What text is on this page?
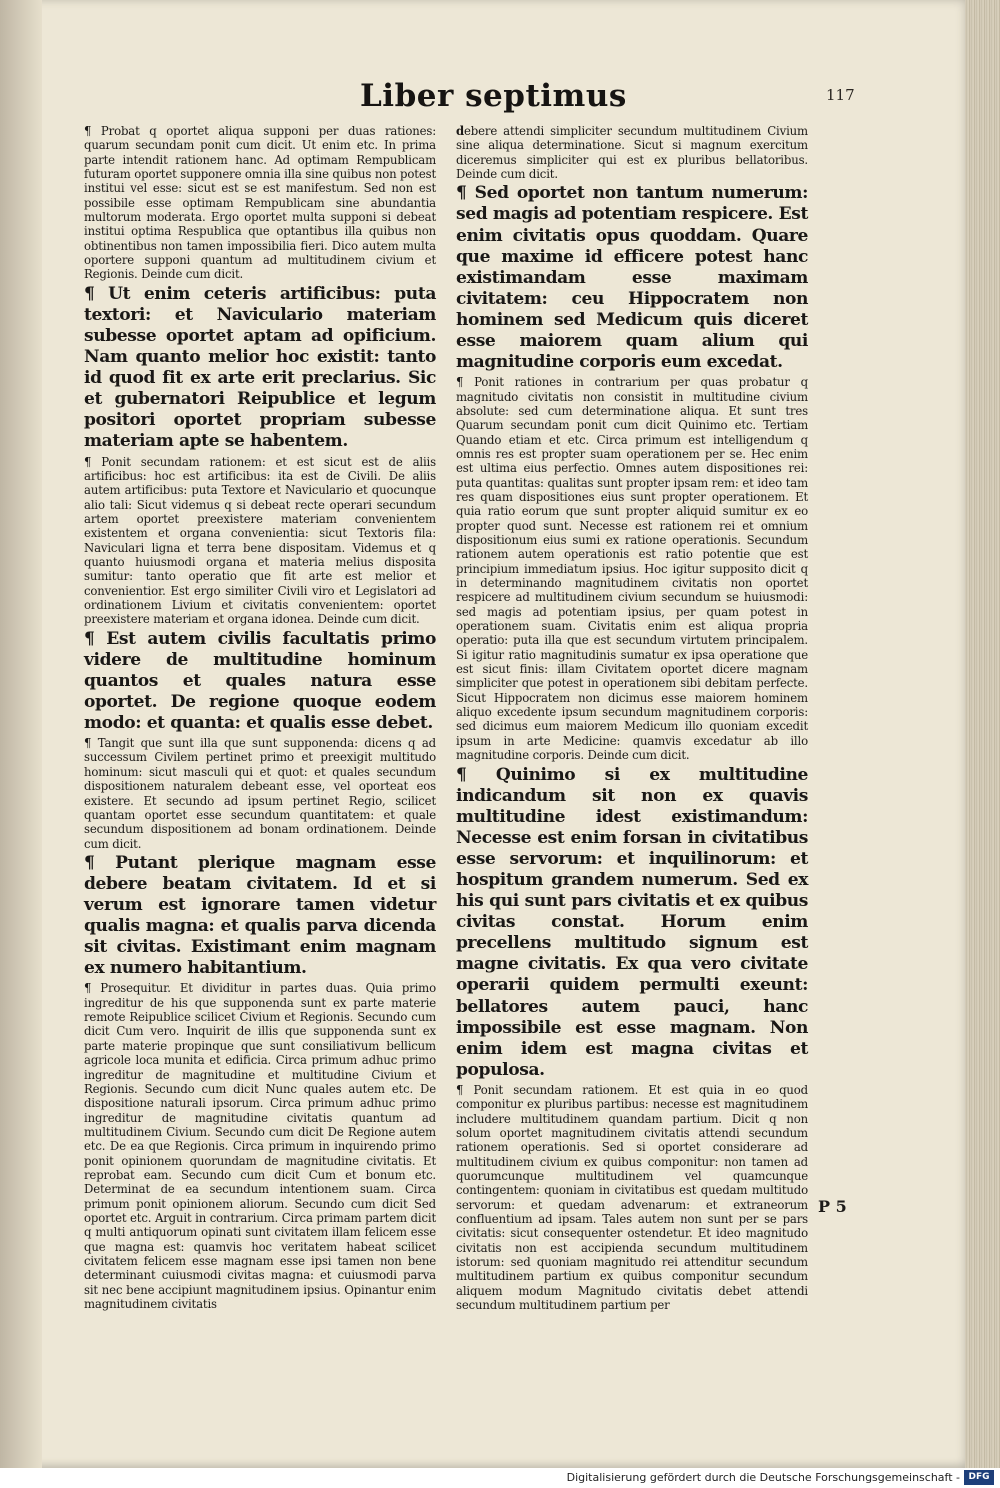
Liber septimus	117

¶ Probat q oportet aliqua supponi per duas rationes: quarum secundam ponit cum dicit. Ut enim etc. In prima parte intendit rationem hanc. Ad optimam Rempublicam futuram oportet supponere omnia illa sine quibus non potest institui vel esse: sicut est se est manifestum. Sed non est possibile esse optimam Rempublicam sine abundantia multorum moderata. Ergo oportet multa supponi si debeat institui optima Respublica que optantibus illa quibus non obtinentibus non tamen impossibilia fieri. Dico autem multa oportere supponi quantum ad multitudinem civium et Regionis. Deinde cum dicit.

¶ Ut enim ceteris artificibus: puta textori: et Naviculario materiam subesse oportet aptam ad opificium. Nam quanto melior hoc existit: tanto id quod fit ex arte erit preclarius. Sic et gubernatori Reipublice et legum positori oportet propriam subesse materiam apte se habentem.

¶ Ponit secundam rationem: et est sicut est de aliis artificibus: hoc est artificibus: ita est de Civili. De aliis autem artificibus: puta Textore et Naviculario et quocunque alio tali: Sicut videmus q si debeat recte operari secundum artem oportet preexistere materiam convenientem existentem et organa convenientia: sicut Textoris fila: Naviculari ligna et terra bene dispositam. Videmus et q quanto huiusmodi organa et materia melius disposita sumitur: tanto operatio que fit arte est melior et convenientior. Est ergo similiter Civili viro et Legislatori ad ordinationem Livium et civitatis convenientem: oportet preexistere materiam et organa idonea. Deinde cum dicit.

¶ Est autem civilis facultatis primo videre de multitudine hominum quantos et quales natura esse oportet. De regione quoque eodem modo: et quanta: et qualis esse debet.

¶ Tangit que sunt illa que sunt supponenda: dicens q ad successum Civilem pertinet primo et preexigit multitudo hominum: sicut masculi qui et quot: et quales secundum dispositionem naturalem debeant esse, vel oporteat eos existere. Et secundo ad ipsum pertinet Regio, scilicet quantam oportet esse secundum quantitatem: et quale secundum dispositionem ad bonam ordinationem. Deinde cum dicit.

¶ Putant plerique magnam esse debere beatam civitatem. Id et si verum est ignorare tamen videtur qualis magna: et qualis parva dicenda sit civitas. Existimant enim magnam ex numero habitantium.

¶ Prosequitur. Et dividitur in partes duas. Quia primo ingreditur de his que supponenda sunt ex parte materie remote Reipublice scilicet Civium et Regionis. Secundo cum dicit Cum vero. Inquirit de illis que supponenda sunt ex parte materie propinque que sunt consiliativum bellicum agricole loca munita et edificia. Circa primum adhuc primo ingreditur de magnitudine et multitudine Civium et Regionis. Secundo cum dicit Nunc quales autem etc. De dispositione naturali ipsorum. Circa primum adhuc primo ingreditur de magnitudine civitatis quantum ad multitudinem Civium. Secundo cum dicit De Regione autem etc. De ea que Regionis. Circa primum in inquirendo primo ponit opinionem quorundam de magnitudine civitatis. Et reprobat eam. Secundo cum dicit Cum et bonum etc. Determinat de ea secundum intentionem suam. Circa primum ponit opinionem aliorum. Secundo cum dicit Sed oportet etc. Arguit in contrarium. Circa primam partem dicit q multi antiquorum opinati sunt civitatem illam felicem esse que magna est: quamvis hoc veritatem habeat scilicet civitatem felicem esse magnam esse ipsi tamen non bene determinant cuiusmodi civitas magna: et cuiusmodi parva sit nec bene accipiunt magnitudinem ipsius. Opinantur enim magnitudinem civitatis

debere attendi simpliciter secundum multitudinem Civium sine aliqua determinatione. Sicut si magnum exercitum diceremus simpliciter qui est ex pluribus bellatoribus. Deinde cum dicit.

¶ Sed oportet non tantum numerum: sed magis ad potentiam respicere. Est enim civitatis opus quoddam. Quare que maxime id efficere potest hanc existimandam esse maximam civitatem: ceu Hippocratem non hominem sed Medicum quis diceret esse maiorem quam alium qui magnitudine corporis eum excedat.

¶ Ponit rationes in contrarium per quas probatur q magnitudo civitatis non consistit in multitudine civium absolute: sed cum determinatione aliqua. Et sunt tres Quarum secundam ponit cum dicit Quinimo etc. Tertiam Quando etiam et etc. Circa primum est intelligendum q omnis res est propter suam operationem per se. Hec enim est ultima eius perfectio. Omnes autem dispositiones rei: puta quantitas: qualitas sunt propter ipsam rem: et ideo tam res quam dispositiones eius sunt propter operationem. Et quia ratio eorum que sunt propter aliquid sumitur ex eo propter quod sunt. Necesse est rationem rei et omnium dispositionum eius sumi ex ratione operationis. Secundum rationem autem operationis est ratio potentie que est principium immediatum ipsius. Hoc igitur supposito dicit q in determinando magnitudinem civitatis non oportet respicere ad multitudinem civium secundum se huiusmodi: sed magis ad potentiam ipsius, per quam potest in operationem suam. Civitatis enim est aliqua propria operatio: puta illa que est secundum virtutem principalem. Si igitur ratio magnitudinis sumatur ex ipsa operatione que est sicut finis: illam Civitatem oportet dicere magnam simpliciter que potest in operationem sibi debitam perfecte. Sicut Hippocratem non dicimus esse maiorem hominem aliquo excedente ipsum secundum magnitudinem corporis: sed dicimus eum maiorem Medicum illo quoniam excedit ipsum in arte Medicine: quamvis excedatur ab illo magnitudine corporis. Deinde cum dicit.

¶ Quinimo si ex multitudine indicandum sit non ex quavis multitudine idest existimandum: Necesse est enim forsan in civitatibus esse servorum: et inquilinorum: et hospitum grandem numerum. Sed ex his qui sunt pars civitatis et ex quibus civitas constat. Horum enim precellens multitudo signum est magne civitatis. Ex qua vero civitate operarii quidem permulti exeunt: bellatores autem pauci, hanc impossibile est esse magnam. Non enim idem est magna civitas et populosa.

¶ Ponit secundam rationem. Et est quia in eo quod componitur ex pluribus partibus: necesse est magnitudinem includere multitudinem quandam partium. Dicit q non solum oportet magnitudinem civitatis attendi secundum rationem operationis. Sed si oportet considerare ad multitudinem civium ex quibus componitur: non tamen ad quorumcunque multitudinem vel quamcunque contingentem: quoniam in civitatibus est quedam multitudo servorum: et quedam advenarum: et extraneorum confluentium ad ipsam. Tales autem non sunt per se pars civitatis: sicut consequenter ostendetur. Et ideo magnitudo civitatis non est accipienda secundum multitudinem istorum: sed quoniam magnitudo rei attenditur secundum multitudinem partium ex quibus componitur secundum aliquem modum Magnitudo civitatis debet attendi secundum multitudinem partium per

P 5
Digitalisierung gefördert durch die Deutsche Forschungsgemeinschaft - DFG
